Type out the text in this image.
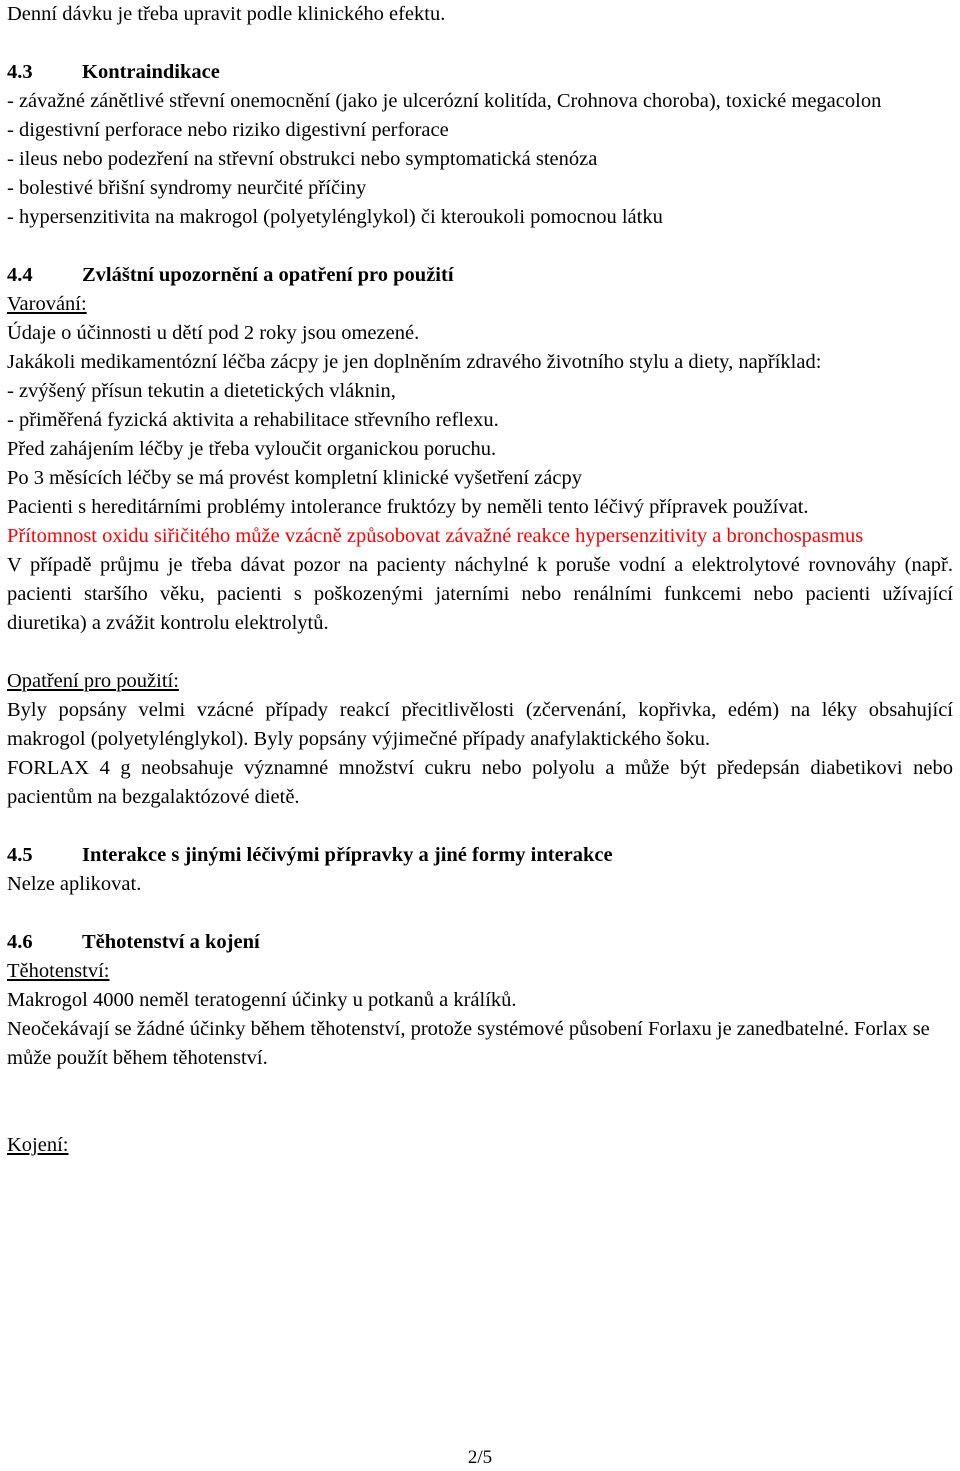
Denní dávku je třeba upravit podle klinického efektu.

4.3 Kontraindikace

- závažné zánětlivé střevní onemocnění (jako je ulcerózní kolitída, Crohnova choroba), toxické megacolon

- digestivní perforace nebo riziko digestivní perforace

- ileus nebo podezření na střevní obstrukci nebo symptomatická stenóza

- bolestivé břišní syndromy neurčité příčiny

- hypersenzitivita na makrogol (polyetylénglykol) či kteroukoli pomocnou látku

4.4 Zvláštní upozornění a opatření pro použití

Varování:

Údaje o účinnosti u dětí pod 2 roky jsou omezené.

Jakákoli medikamentózní léčba zácpy je jen doplněním zdravého životního stylu a diety, například:

- zvýšený přísun tekutin a dietetických vláknin,

- přiměřená fyzická aktivita a rehabilitace střevního reflexu.

Před zahájením léčby je třeba vyloučit organickou poruchu.

Po 3 měsících léčby se má provést kompletní klinické vyšetření zácpy

Pacienti s hereditárními problémy intolerance fruktózy by neměli tento léčivý přípravek používat.

Přítomnost oxidu siřičitého může vzácně způsobovat závažné reakce hypersenzitivity a bronchospasmus

V případě průjmu je třeba dávat pozor na pacienty náchylné k poruše vodní a elektrolytové rovnováhy (např. pacienti staršího věku, pacienti s poškozenými jaterními nebo renálními funkcemi nebo pacienti užívající diuretika) a zvážit kontrolu elektrolytů.

Opatření pro použití:

Byly popsány velmi vzácné případy reakcí přecitlivělosti (zčervenání, kopřivka, edém) na léky obsahující makrogol (polyetylénglykol). Byly popsány výjimečné případy anafylaktického šoku.

FORLAX 4 g neobsahuje významné množství cukru nebo polyolu a může být předepsán diabetikovi nebo pacientům na bezgalaktózové dietě.

4.5 Interakce s jinými léčivými přípravky a jiné formy interakce

Nelze aplikovat.

4.6 Těhotenství a kojení

Těhotenství:

Makrogol 4000 neměl teratogenní účinky u potkanů a králíků.

Neočekávají se žádné účinky během těhotenství, protože systémové působení Forlaxu je zanedbatelné. Forlax se může použít během těhotenství.

Kojení:

2/5
